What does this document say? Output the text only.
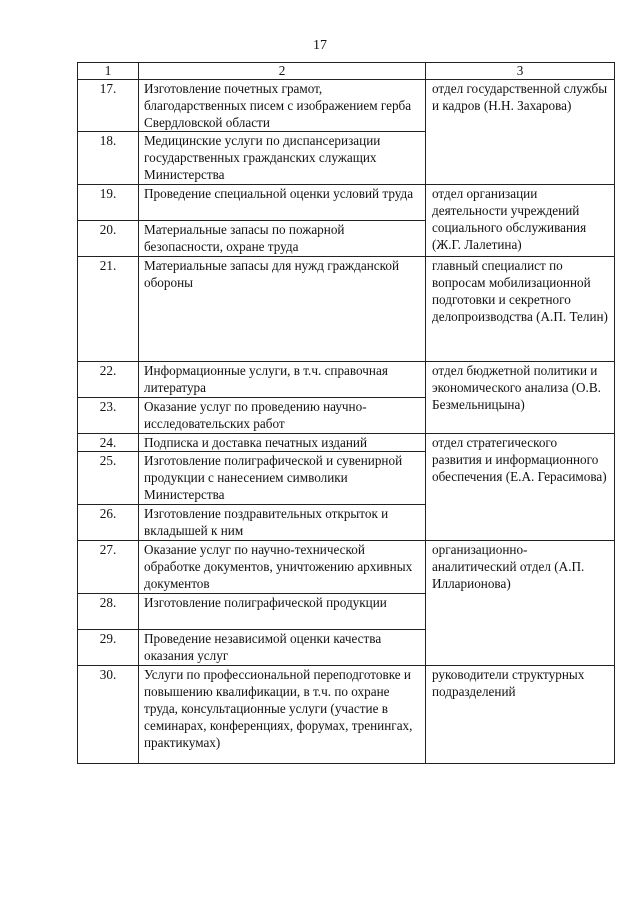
17
1	2	3
17.	Изготовление почетных грамот, благодарственных писем с изображением герба Свердловской области	отдел государственной службы и кадров (Н.Н. Захарова)
18.	Медицинские услуги по диспансеризации государственных гражданских служащих Министерства	
19.	Проведение специальной оценки условий труда	отдел организации деятельности учреждений социального обслуживания (Ж.Г. Лалетина)
20.	Материальные запасы по пожарной безопасности, охране труда	
21.	Материальные запасы для нужд гражданской обороны	главный специалист по вопросам мобилизационной подготовки и секретного делопроизводства (А.П. Телин)
22.	Информационные услуги, в т.ч. справочная литература	отдел бюджетной политики и экономического анализа (О.В. Безмельницына)
23.	Оказание услуг по проведению научно-исследовательских работ	
24.	Подписка и доставка печатных изданий	отдел стратегического развития и информационного обеспечения (Е.А. Герасимова)
25.	Изготовление полиграфической и сувенирной продукции с нанесением символики Министерства	
26.	Изготовление поздравительных открыток и вкладышей к ним	
27.	Оказание услуг по научно-технической обработке документов, уничтожению архивных документов	организационно-аналитический отдел (А.П. Илларионова)
28.	Изготовление полиграфической продукции	
29.	Проведение независимой оценки качества оказания услуг	
30.	Услуги по профессиональной переподготовке и повышению квалификации, в т.ч. по охране труда, консультационные услуги (участие в семинарах, конференциях, форумах, тренингах, практикумах)	руководители структурных подразделений
